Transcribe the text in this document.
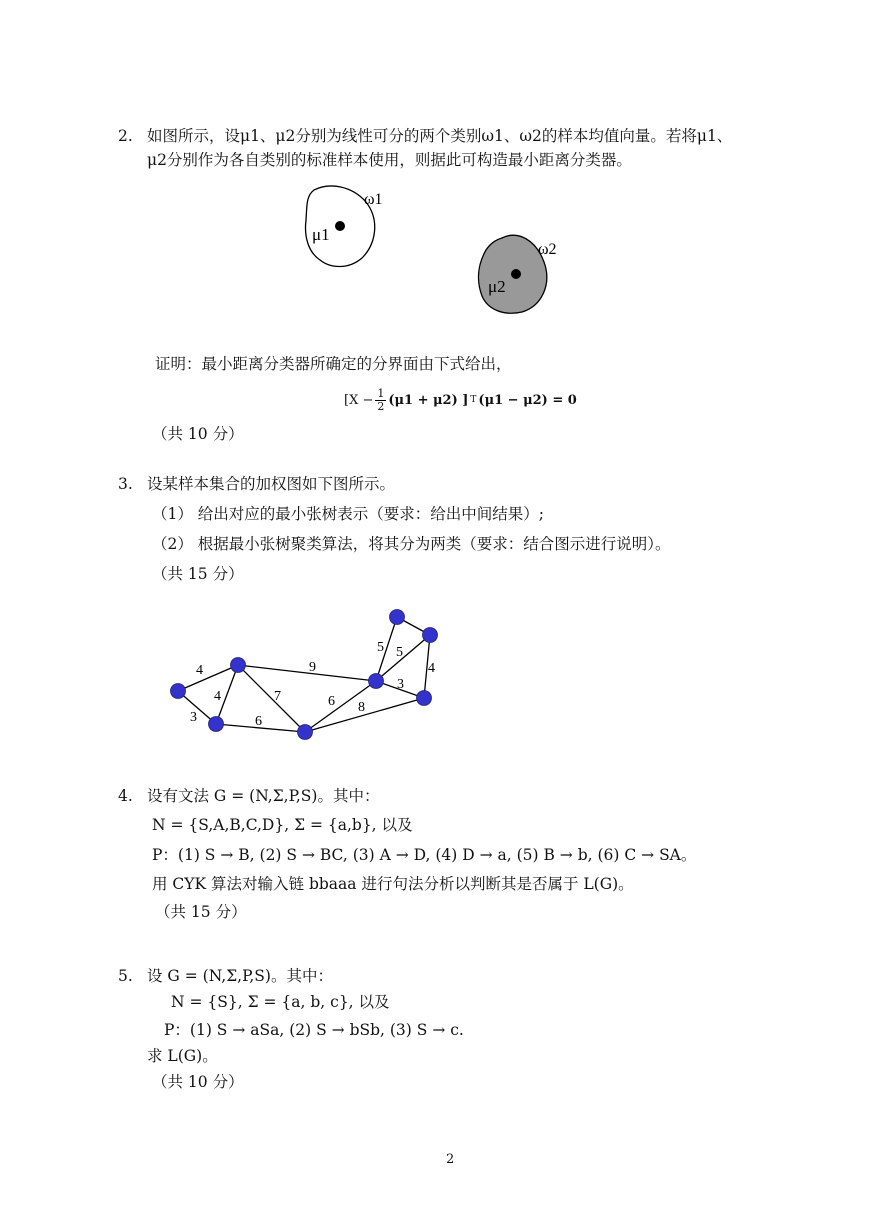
2. 如图所示，设μ1、μ2分别为线性可分的两个类别ω1、ω2的样本均值向量。若将μ1、
μ2分别作为各自类别的标准样本使用，则据此可构造最小距离分类器。
μ1
ω1
μ2
ω2
证明：最小距离分类器所确定的分界面由下式给出，
[$X - \frac{1}{2} (\mu 1 + \mu 2)$ ] T (μ1 − μ2) = 0
（共 10 分）
3. 设某样本集合的加权图如下图所示。
（1） 给出对应的最小张树表示（要求：给出中间结果）;
（2） 根据最小张树聚类算法，将其分为两类（要求：结合图示进行说明）。
（共 15 分）
4
4
3
9
7
6
6 8
5 5
4
3
4. 设有文法 G = (N,Σ,P,S)。其中：
N = {S,A,B,C,D}, Σ = {a,b}, 以及
P：(1) S → B, (2) S → BC, (3) A → D, (4) D → a, (5) B → b, (6) C → SA。
用 CYK 算法对输入链 bbaaa 进行句法分析以判断其是否属于 L(G)。
（共 15 分）
5. 设 G = (N,Σ,P,S)。其中：
N = {S}, Σ = {a, b, c}, 以及
P：(1) S → aSa, (2) S → bSb, (3) S → c.
求 L(G)。
（共 10 分）
2
